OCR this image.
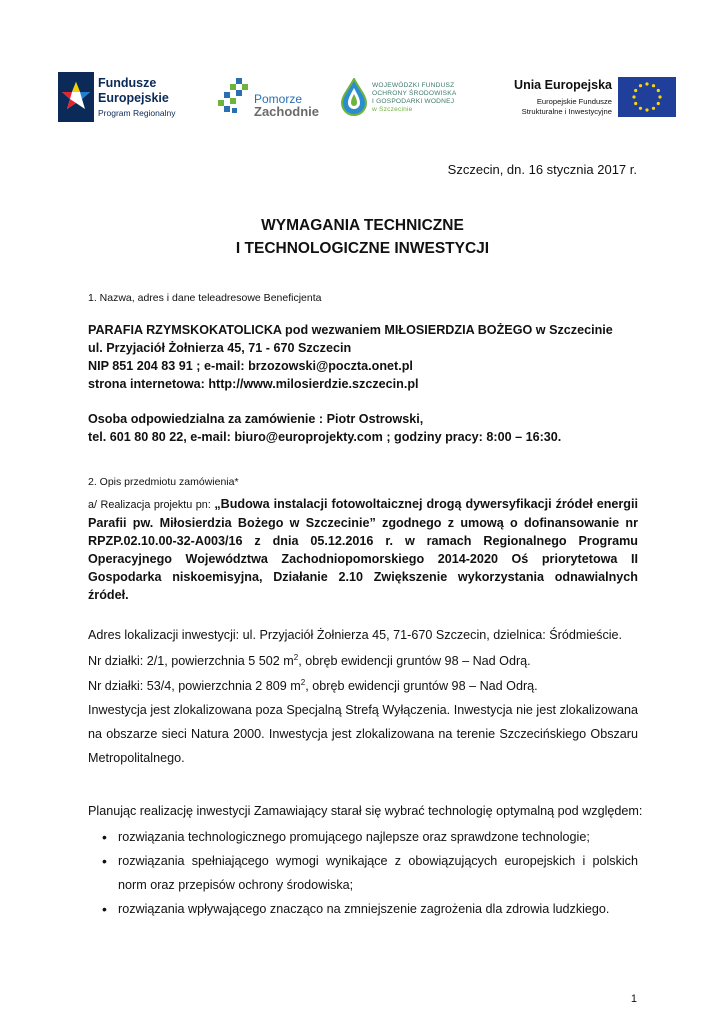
Fundusze
Europejskie
Program Regionalny
Pomorze
Zachodnie
WOJEWÓDZKI FUNDUSZ
OCHRONY ŚRODOWISKA
I GOSPODARKI WODNEJ
w Szczecinie
Unia Europejska
Europejskie Fundusze
Strukturalne i Inwestycyjne
Szczecin, dn. 16 stycznia 2017 r.
WYMAGANIA TECHNICZNE
I TECHNOLOGICZNE INWESTYCJI
1. Nazwa, adres i dane teleadresowe Beneficjenta
PARAFIA RZYMSKOKATOLICKA pod wezwaniem MIŁOSIERDZIA BOŻEGO w Szczecinie
ul. Przyjaciół Żołnierza 45, 71 - 670 Szczecin
NIP 851 204 83 91 ; e-mail: brzozowski@poczta.onet.pl
strona internetowa: http://www.milosierdzie.szczecin.pl
Osoba odpowiedzialna za zamówienie : Piotr Ostrowski,
tel. 601 80 80 22, e-mail: biuro@europrojekty.com ; godziny pracy: 8:00 – 16:30.
2. Opis przedmiotu zamówienia*
a/ Realizacja projektu pn: „Budowa instalacji fotowoltaicznej drogą dywersyfikacji źródeł energii Parafii pw. Miłosierdzia Bożego w Szczecinie” zgodnego z umową o dofinansowanie nr RPZP.02.10.00-32-A003/16 z dnia 05.12.2016 r. w ramach Regionalnego Programu Operacyjnego Województwa Zachodniopomorskiego 2014-2020 Oś priorytetowa II Gospodarka niskoemisyjna, Działanie 2.10 Zwiększenie wykorzystania odnawialnych źródeł.
Adres lokalizacji inwestycji: ul. Przyjaciół Żołnierza 45, 71-670 Szczecin, dzielnica: Śródmieście.
Nr działki: 2/1, powierzchnia 5 502 $m^2$, obręb ewidencji gruntów 98 – Nad Odrą.
Nr działki: 53/4, powierzchnia 2 809 $m^2$, obręb ewidencji gruntów 98 – Nad Odrą.
Inwestycja jest zlokalizowana poza Specjalną Strefą Wyłączenia. Inwestycja nie jest zlokalizowana na obszarze sieci Natura 2000. Inwestycja jest zlokalizowana na terenie Szczecińskiego Obszaru Metropolitalnego.
Planując realizację inwestycji Zamawiający starał się wybrać technologię optymalną pod względem:
• rozwiązania technologicznego promującego najlepsze oraz sprawdzone technologie;
• rozwiązania spełniającego wymogi wynikające z obowiązujących europejskich i polskich norm oraz przepisów ochrony środowiska;
• rozwiązania wpływającego znacząco na zmniejszenie zagrożenia dla zdrowia ludzkiego.
1
